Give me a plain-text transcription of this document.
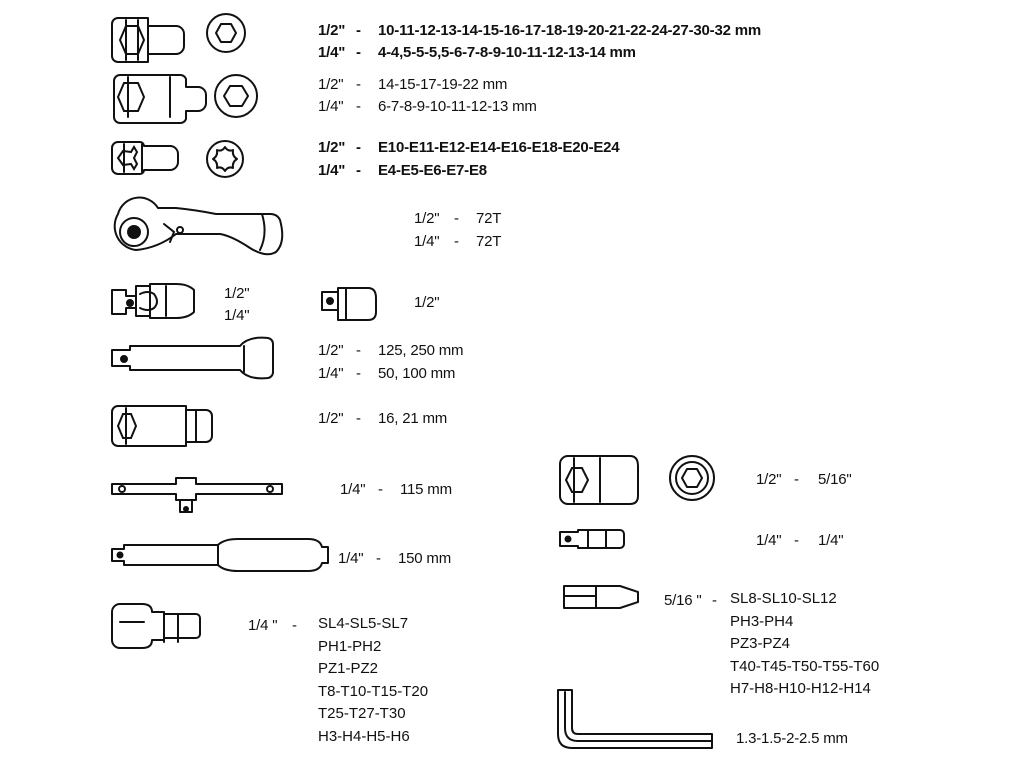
1/2" - 10-11-12-13-14-15-16-17-18-19-20-21-22-24-27-30-32 mm
1/4" - 4-4,5-5-5,5-6-7-8-9-10-11-12-13-14 mm
1/2" - 14-15-17-19-22 mm
1/4" - 6-7-8-9-10-11-12-13 mm
1/2" - E10-E11-E12-E14-E16-E18-E20-E24
1/4" - E4-E5-E6-E7-E8
1/2" - 72T
1/4" - 72T
1/2"
1/4"
1/2"
1/2" - 125, 250 mm
1/4" - 50, 100 mm
1/2" - 16, 21 mm
1/4" - 115 mm
1/4" - 150 mm
1/4 " - SL4-SL5-SL7
PH1-PH2
PZ1-PZ2
T8-T10-T15-T20
T25-T27-T30
H3-H4-H5-H6
1/2" - 5/16"
1/4" - 1/4"
5/16 " - SL8-SL10-SL12
PH3-PH4
PZ3-PZ4
T40-T45-T50-T55-T60
H7-H8-H10-H12-H14
1.3-1.5-2-2.5 mm
